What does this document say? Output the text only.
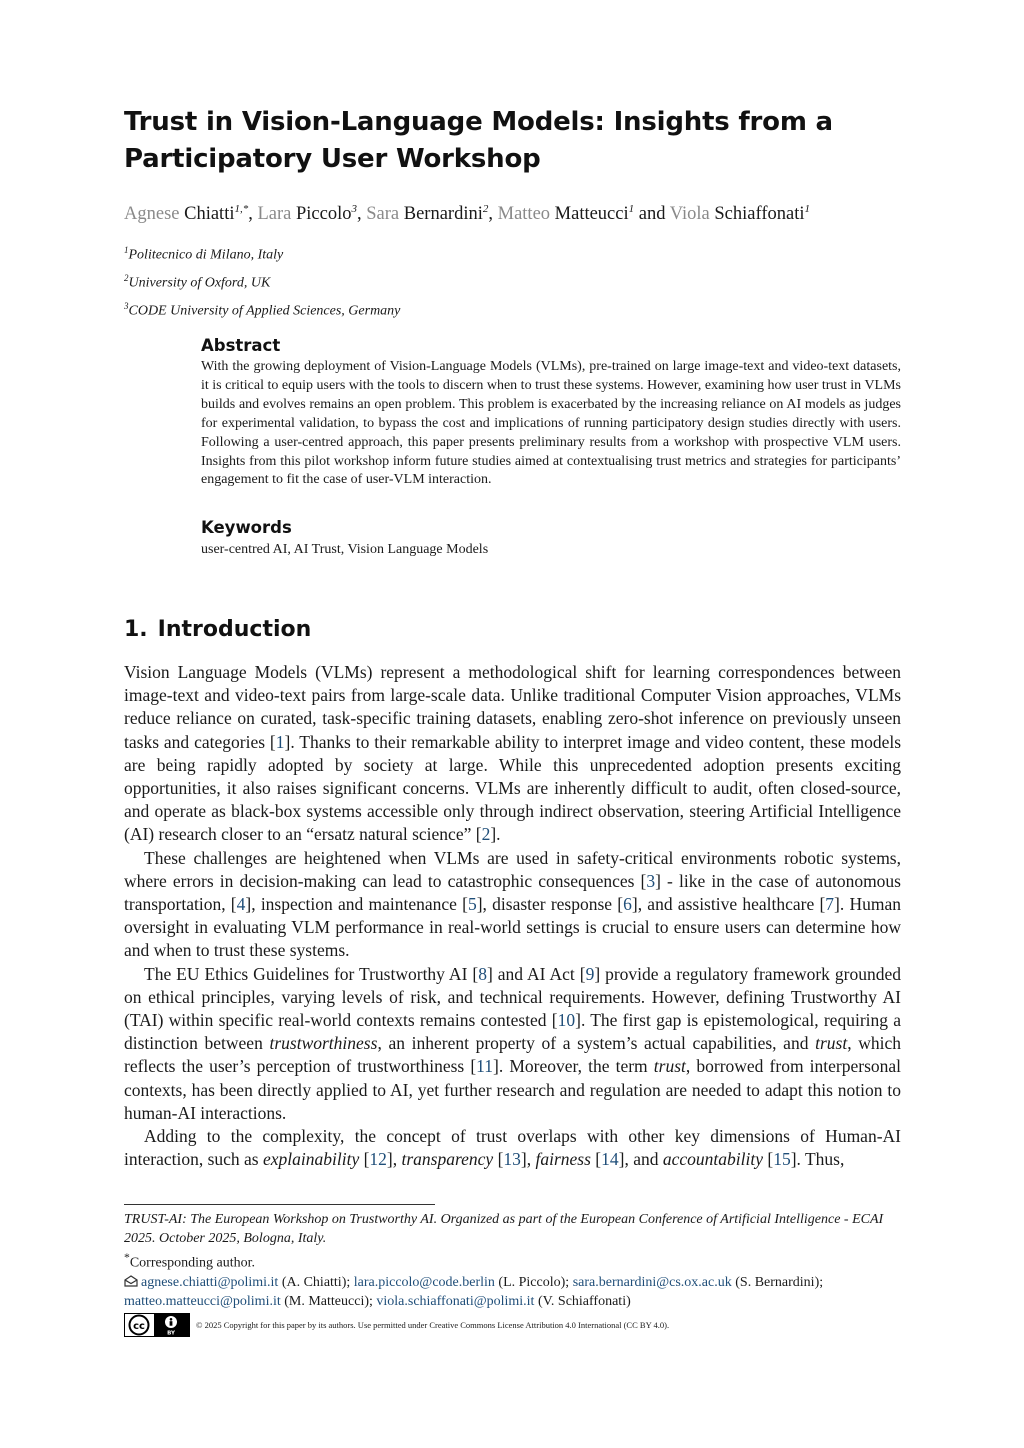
Trust in Vision-Language Models: Insights from a
Participatory User Workshop
Agnese Chiatti$^{1,*}$, Lara Piccolo$^3$, Sara Bernardini$^2$, Matteo Matteucci$^1$ and Viola Schiaffonati$^1$
$^1$Politecnico di Milano, Italy
$^2$University of Oxford, UK
$^3$CODE University of Applied Sciences, Germany
Abstract

With the growing deployment of Vision-Language Models (VLMs), pre-trained on large image-text and video-text datasets, it is critical to equip users with the tools to discern when to trust these systems. However, examining how user trust in VLMs builds and evolves remains an open problem. This problem is exacerbated by the increasing reliance on AI models as judges for experimental validation, to bypass the cost and implications of running participatory design studies directly with users. Following a user-centred approach, this paper presents preliminary results from a workshop with prospective VLM users. Insights from this pilot workshop inform future studies aimed at contextualising trust metrics and strategies for participants’ engagement to fit the case of user-VLM interaction.

Keywords

user-centred AI, AI Trust, Vision Language Models

1. Introduction

Vision Language Models (VLMs) represent a methodological shift for learning correspondences between image-text and video-text pairs from large-scale data. Unlike traditional Computer Vision approaches, VLMs reduce reliance on curated, task-specific training datasets, enabling zero-shot inference on previously unseen tasks and categories [1]. Thanks to their remarkable ability to interpret image and video content, these models are being rapidly adopted by society at large. While this unprecedented adoption presents exciting opportunities, it also raises significant concerns. VLMs are inherently difficult to audit, often closed-source, and operate as black-box systems accessible only through indirect observation, steering Artificial Intelligence (AI) research closer to an “ersatz natural science” [2].

These challenges are heightened when VLMs are used in safety-critical environments robotic systems, where errors in decision-making can lead to catastrophic consequences [3] - like in the case of autonomous transportation, [4], inspection and maintenance [5], disaster response [6], and assistive healthcare [7]. Human oversight in evaluating VLM performance in real-world settings is crucial to ensure users can determine how and when to trust these systems.

The EU Ethics Guidelines for Trustworthy AI [8] and AI Act [9] provide a regulatory framework grounded on ethical principles, varying levels of risk, and technical requirements. However, defining Trustworthy AI (TAI) within specific real-world contexts remains contested [10]. The first gap is epistemological, requiring a distinction between trustworthiness, an inherent property of a system’s actual capabilities, and trust, which reflects the user’s perception of trustworthiness [11]. Moreover, the term trust, borrowed from interpersonal contexts, has been directly applied to AI, yet further research and regulation are needed to adapt this notion to human-AI interactions.

Adding to the complexity, the concept of trust overlaps with other key dimensions of Human-AI interaction, such as explainability [12], transparency [13], fairness [14], and accountability [15]. Thus,

TRUST-AI: The European Workshop on Trustworthy AI. Organized as part of the European Conference of Artificial Intelligence - ECAI 2025. October 2025, Bologna, Italy.

*Corresponding author.

agnese.chiatti@polimi.it (A. Chiatti); lara.piccolo@code.berlin (L. Piccolo); sara.bernardini@cs.ox.ac.uk (S. Bernardini); matteo.matteucci@polimi.it (M. Matteucci); viola.schiaffonati@polimi.it (V. Schiaffonati)

cc
BY
© 2025 Copyright for this paper by its authors. Use permitted under Creative Commons License Attribution 4.0 International (CC BY 4.0).
